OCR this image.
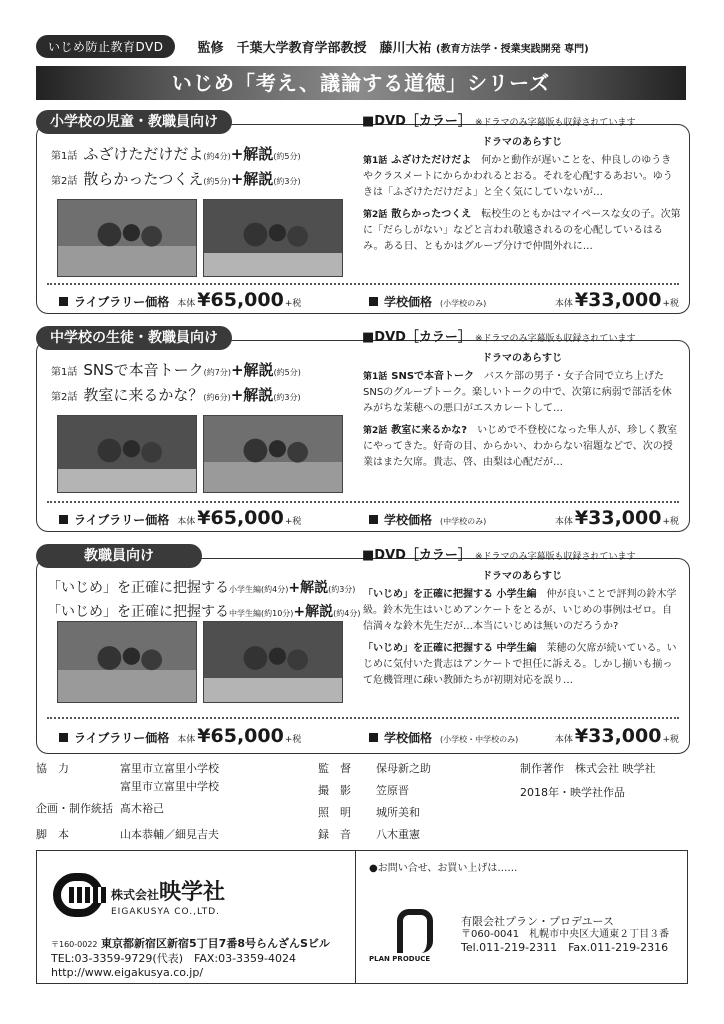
いじめ防止教育DVD	監修　千葉大学教育学部教授　藤川大祐 (教育方法学・授業実践開発 専門)
いじめ「考え、議論する道徳」シリーズ
第1話 ふざけただけだよ(約4分)+解説(約5分)
第2話 散らかったつくえ(約5分)+解説(約3分)
ドラマのあらすじ
第1話 ふざけただけだよ　 何かと動作が遅いことを、仲良しのゆうきやクラスメートにからかわれるとおる。それを心配するあおい。ゆうきは「ふざけただけだよ」と全く気にしていないが…
第2話 散らかったつくえ　 転校生のともかはマイペースな女の子。次第に「だらしがない」などと言われ敬遠されるのを心配しているはるみ。ある日、ともかはグループ分けで仲間外れに…
ライブラリー価格 本体 ¥65,000 +税	学校価格 (小学校のみ)	本体 ¥33,000 +税
小学校の児童・教職員向け	■DVD［カラー］ ※ドラマのみ字幕版も収録されています
第1話 SNSで本音トーク(約7分)+解説(約5分)
第2話 教室に来るかな？(約6分)+解説(約3分)
ドラマのあらすじ
第1話 SNSで本音トーク　 バスケ部の男子・女子合同で立ち上げたSNSのグループトーク。楽しいトークの中で、次第に病弱で部活を休みがちな茉穂への悪口がエスカレートして…
第2話 教室に来るかな?　 いじめで不登校になった隼人が、珍しく教室にやってきた。好奇の目、からかい、わからない宿題などで、次の授業はまた欠席。貴志、啓、由梨は心配だが…
ライブラリー価格 本体 ¥65,000 +税	学校価格 (中学校のみ)	本体 ¥33,000 +税
中学校の生徒・教職員向け	■DVD［カラー］ ※ドラマのみ字幕版も収録されています
「いじめ」を正確に把握する小学生編(約4分)+解説(約3分)
「いじめ」を正確に把握する中学生編(約10分)+解説(約4分)
ドラマのあらすじ
「いじめ」を正確に把握する 小学生編　 仲が良いことで評判の鈴木学級。鈴木先生はいじめアンケートをとるが、いじめの事例はゼロ。自信満々な鈴木先生だが…本当にいじめは無いのだろうか?
「いじめ」を正確に把握する 中学生編　 茉穂の欠席が続いている。いじめに気付いた貴志はアンケートで担任に訴える。しかし揃いも揃って危機管理に疎い教師たちが初期対応を誤り…
ライブラリー価格 本体 ¥65,000 +税	学校価格 (小学校・中学校のみ)	本体 ¥33,000 +税
教職員向け	■DVD［カラー］ ※ドラマのみ字幕版も収録されています
協　力	富里市立富里小学校
富里市立富里中学校
企画・制作統括 髙木裕己
脚　本	山本恭輔／細見吉夫
監　督 保母新之助
撮　影 笠原晋
照　明 城所美和
録　音 八木重憲
制作著作　株式会社 映学社
2018年・映学社作品
株式会社映学社
EIGAKUSYA CO.,LTD.
〒160-0022 東京都新宿区新宿5丁目7番8号らんざんSビル
TEL:03-3359-9729(代表)　FAX:03-3359-4024
http://www.eigakusya.co.jp/
●お問い合せ、お買い上げは……
PLAN PRODUCE
有限会社プラン・プロデユース
〒060-0041　札幌市中央区大通東２丁目３番
Tel.011-219-2311　Fax.011-219-2316
